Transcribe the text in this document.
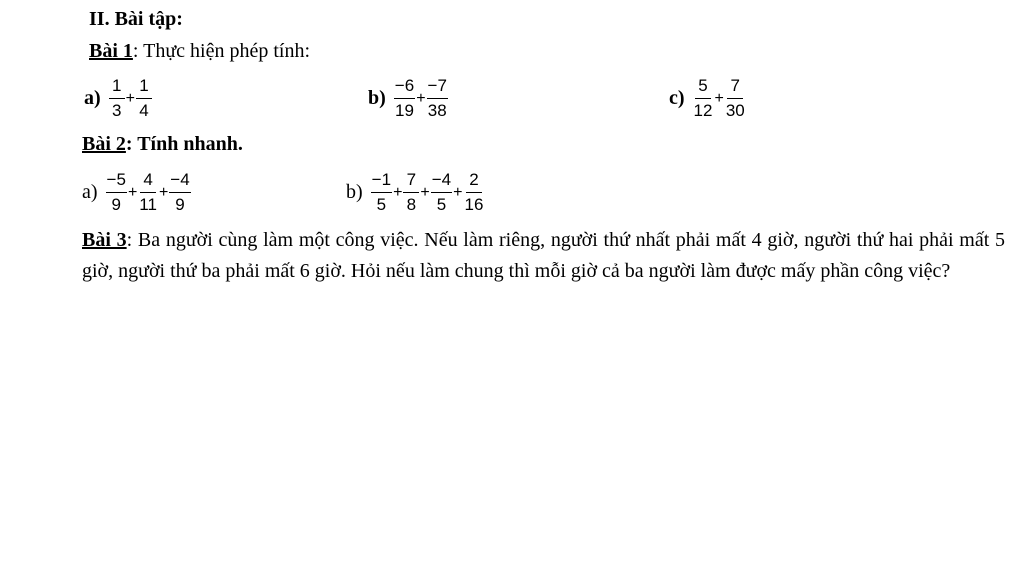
II. Bài tập:
Bài 1: Thực hiện phép tính:
$a) \frac{1}{3} + \frac{1}{4}$	$b) \frac{-6}{19} + \frac{-7}{38}$	$c) \frac{5}{12} + \frac{7}{30}$
Bài 2: Tính nhanh.
$a) \frac{-5}{9} + \frac{4}{11} + \frac{-4}{9}$	$b) \frac{-1}{5} + \frac{7}{8} + \frac{-4}{5} + \frac{2}{16}$
Bài 3: Ba người cùng làm một công việc. Nếu làm riêng, người thứ nhất phải mất 4 giờ, người thứ hai phải mất 5 giờ, người thứ ba phải mất 6 giờ. Hỏi nếu làm chung thì mỗi giờ cả ba người làm được mấy phần công việc?
